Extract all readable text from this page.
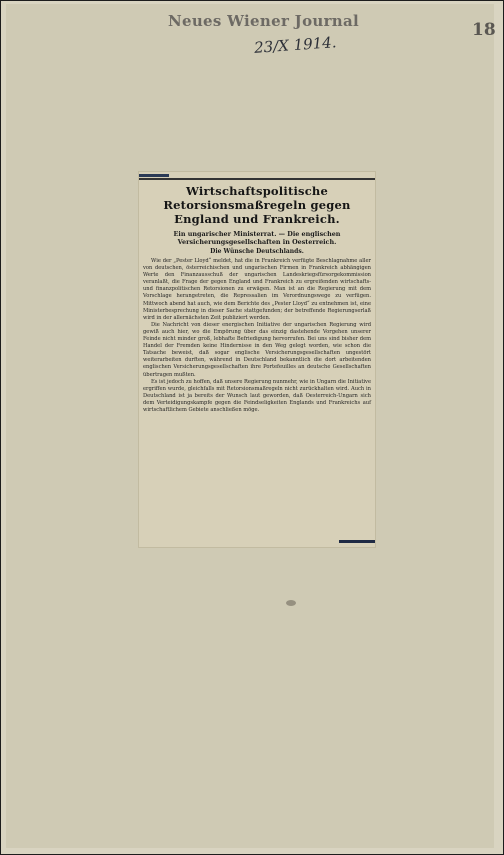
Neues Wiener Journal	18
23/X 1914.
Wirtschaftspolitische Retorsionsmaßregeln gegen England und Frankreich.
Ein ungarischer Ministerrat. — Die englischen Versicherungsgesellschaften in Oesterreich.
Die Wünsche Deutschlands.

Wie der „Pester Lloyd“ meldet, hat die in Frankreich verfügte Beschlagnahme aller von deutschen, österreichischen und ungarischen Firmen in Frankreich abhängigen Werte den Finanzausschuß der ungarischen Landeskriegsfürsorgekommission veranlaßt, die Frage der gegen England und Frankreich zu ergreifenden wirtschafts- und finanzpolitischen Retorsionen zu erwägen. Man ist an die Regierung mit dem Vorschlage herangetreten, die Repressalien im Verordnungswege zu verfügen. Mittwoch abend hat auch, wie dem Berichte des „Pester Lloyd“ zu entnehmen ist, eine Ministerbesprechung in dieser Sache stattgefunden; der betreffende Regierungserlaß wird in der allernächsten Zeit publiziert werden.

Die Nachricht von dieser energischen Initiative der ungarischen Regierung wird gewiß auch hier, wo die Empörung über das einzig dastehende Vorgehen unserer Feinde nicht minder groß, lebhafte Befriedigung hervorrufen. Bei uns sind bisher dem Handel der Fremden keine Hindernisse in den Weg gelegt worden, wie schon die Tatsache beweist, daß sogar englische Versicherungsgesellschaften ungestört weiterarbeiten durften, während in Deutschland bekanntlich die dort arbeitenden englischen Versicherungsgesellschaften ihre Portefeuilles an deutsche Gesellschaften übertragen mußten.

Es ist jedoch zu hoffen, daß unsere Regierung nunmehr, wie in Ungarn die Initiative ergriffen wurde, gleichfalls mit Retorsionsmaßregeln nicht zurückhalten wird. Auch in Deutschland ist ja bereits der Wunsch laut geworden, daß Oesterreich-Ungarn sich dem Verteidigungskampfe gegen die Feindseligkeiten Englands und Frankreichs auf wirtschaftlichem Gebiete anschließen möge.
